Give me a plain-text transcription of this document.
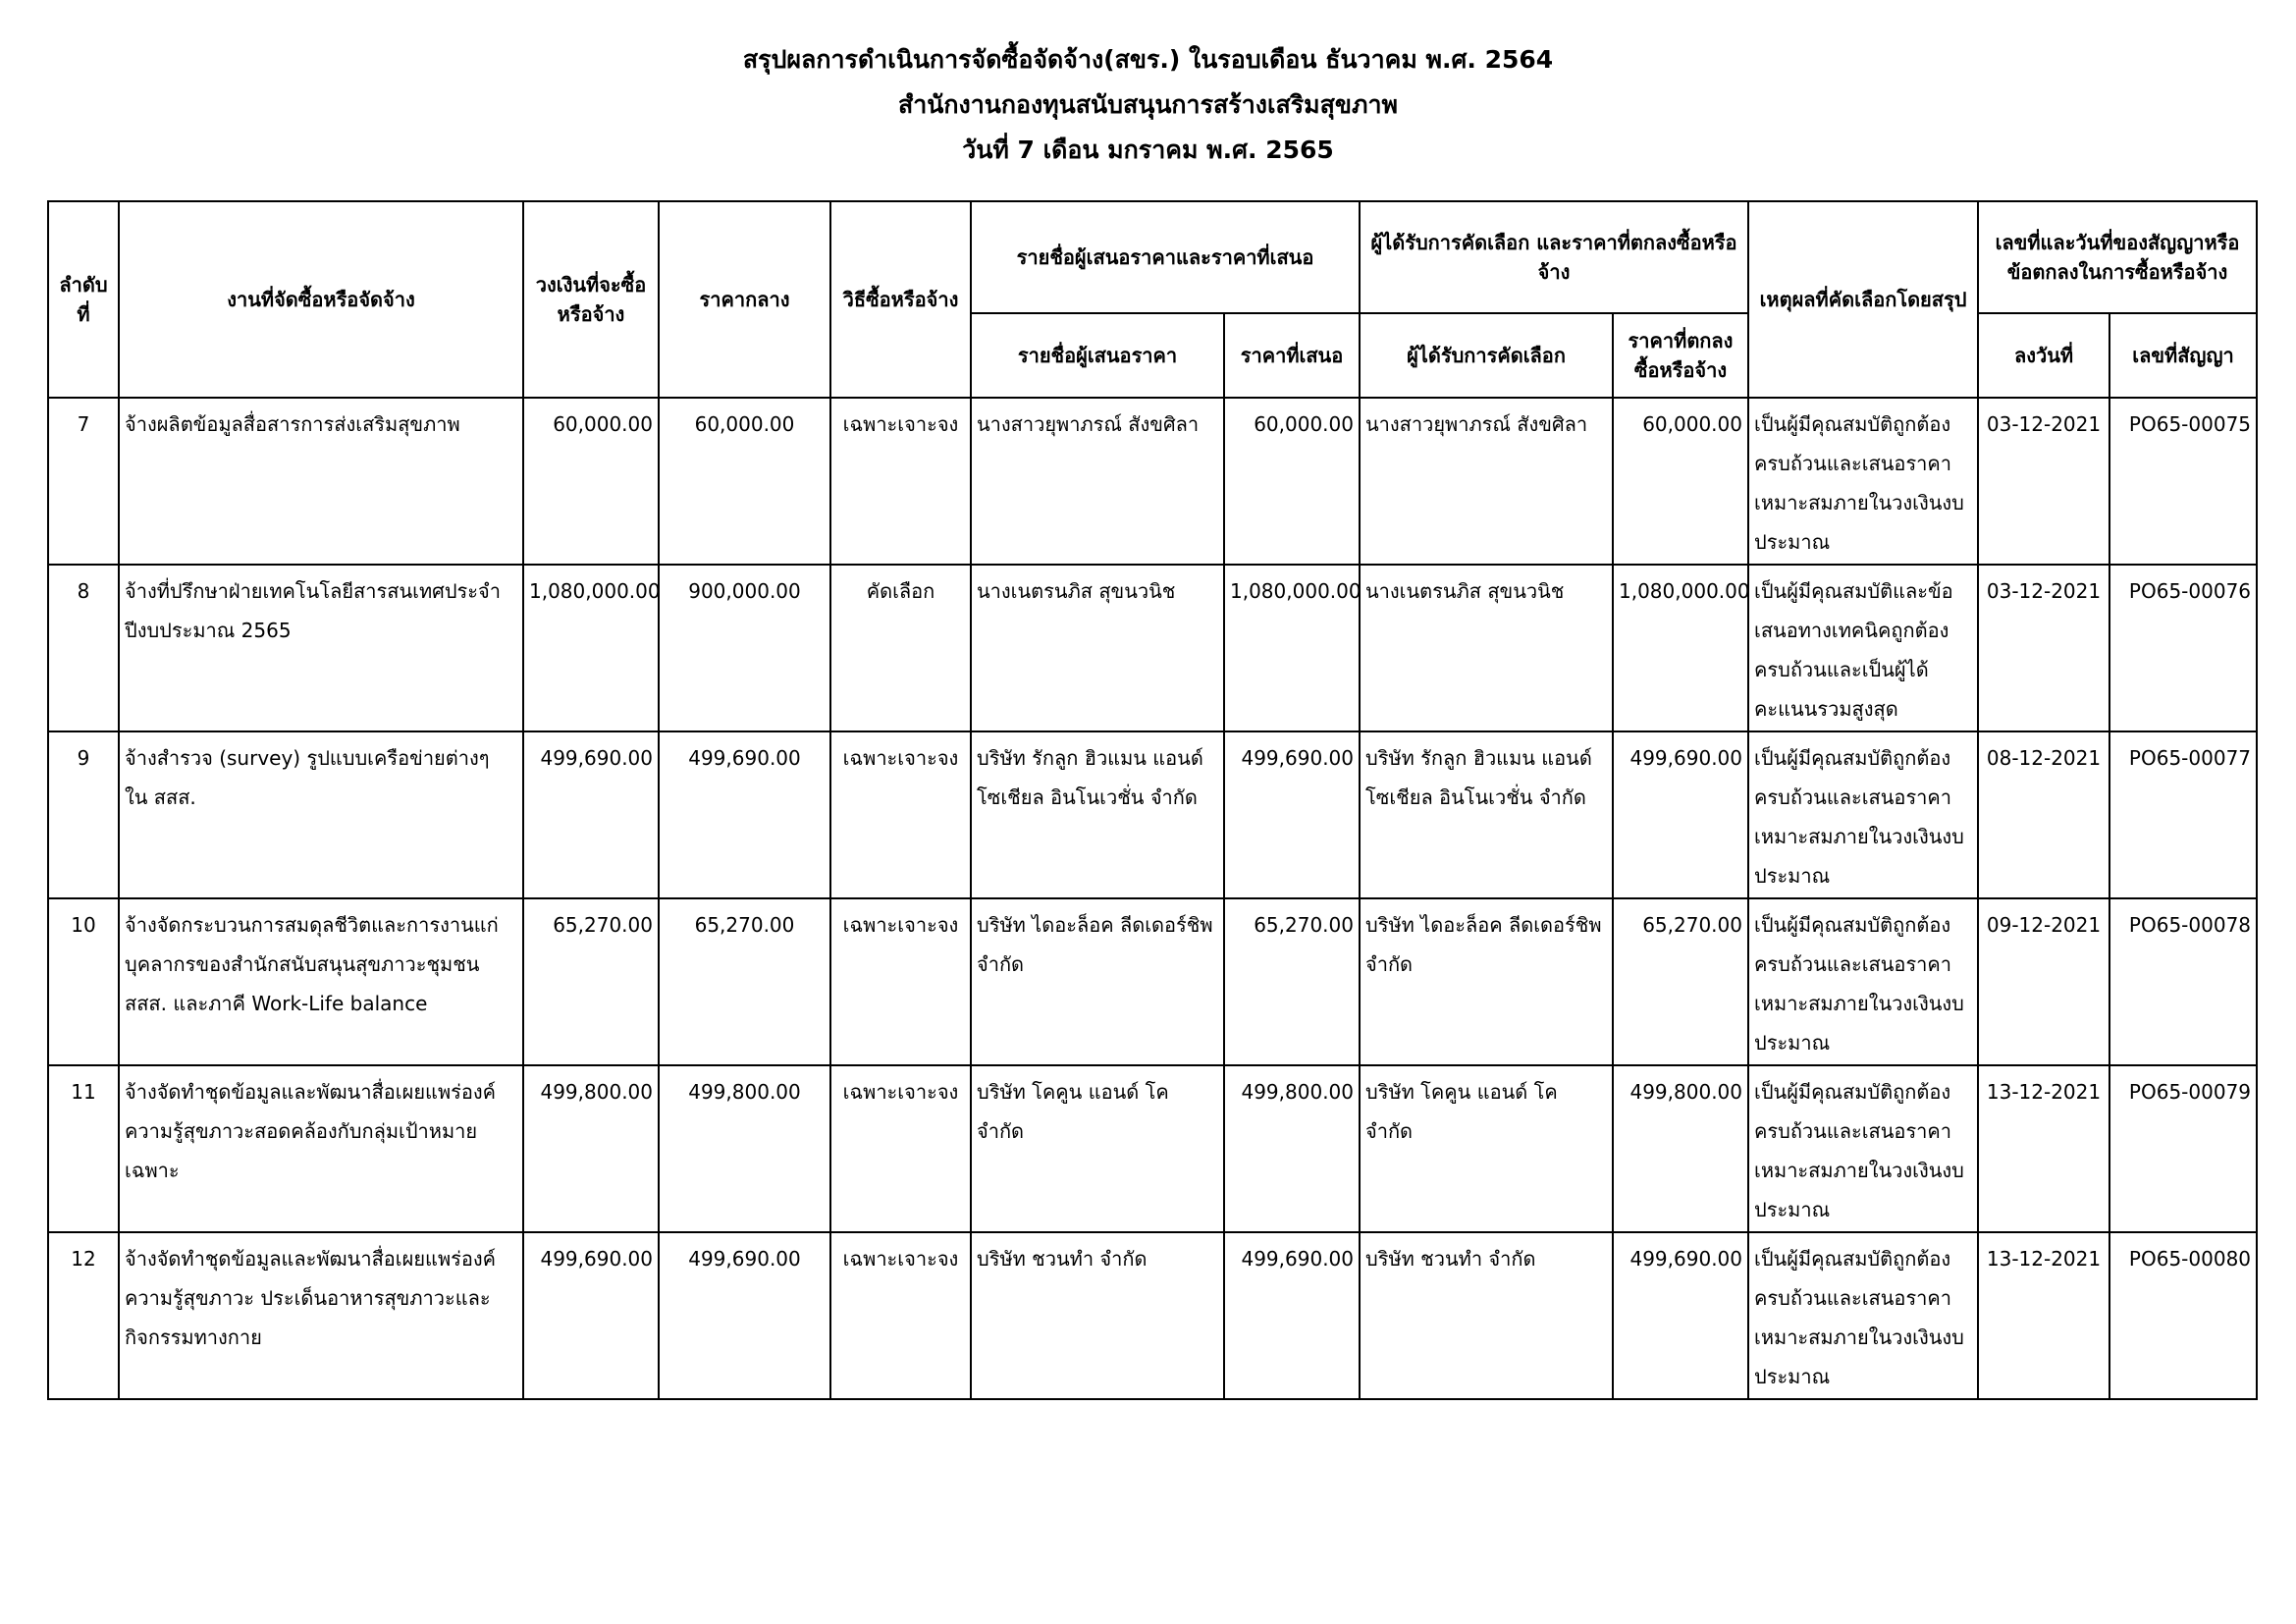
สรุปผลการดำเนินการจัดซื้อจัดจ้าง(สขร.) ในรอบเดือน ธันวาคม พ.ศ. 2564
สำนักงานกองทุนสนับสนุนการสร้างเสริมสุขภาพ
วันที่ 7 เดือน มกราคม พ.ศ. 2565
ลำดับที่	งานที่จัดซื้อหรือจัดจ้าง	วงเงินที่จะซื้อหรือจ้าง	ราคากลาง	วิธีซื้อหรือจ้าง	รายชื่อผู้เสนอราคาและราคาที่เสนอ		ผู้ได้รับการคัดเลือก และราคาที่ตกลงซื้อหรือจ้าง		เหตุผลที่คัดเลือกโดยสรุป	เลขที่และวันที่ของสัญญาหรือข้อตกลงในการซื้อหรือจ้าง	
					รายชื่อผู้เสนอราคา	ราคาที่เสนอ	ผู้ได้รับการคัดเลือก	ราคาที่ตกลงซื้อหรือจ้าง		ลงวันที่	เลขที่สัญญา
7	จ้างผลิตข้อมูลสื่อสารการส่งเสริมสุขภาพ	60,000.00	60,000.00	เฉพาะเจาะจง	นางสาวยุพาภรณ์ สังขศิลา	60,000.00	นางสาวยุพาภรณ์ สังขศิลา	60,000.00	เป็นผู้มีคุณสมบัติถูกต้องครบถ้วนและเสนอราคาเหมาะสมภายในวงเงินงบประมาณ	03-12-2021	PO65-00075
8	จ้างที่ปรึกษาฝ่ายเทคโนโลยีสารสนเทศประจำปีงบประมาณ 2565	1,080,000.00	900,000.00	คัดเลือก	นางเนตรนภิส สุขนวนิช	1,080,000.00	นางเนตรนภิส สุขนวนิช	1,080,000.00	เป็นผู้มีคุณสมบัติและข้อเสนอทางเทคนิคถูกต้องครบถ้วนและเป็นผู้ได้คะแนนรวมสูงสุด	03-12-2021	PO65-00076
9	จ้างสำรวจ (survey) รูปแบบเครือข่ายต่างๆ ใน สสส.	499,690.00	499,690.00	เฉพาะเจาะจง	บริษัท รักลูก ฮิวแมน แอนด์ โซเชียล อินโนเวชั่น จำกัด	499,690.00	บริษัท รักลูก ฮิวแมน แอนด์ โซเชียล อินโนเวชั่น จำกัด	499,690.00	เป็นผู้มีคุณสมบัติถูกต้องครบถ้วนและเสนอราคาเหมาะสมภายในวงเงินงบประมาณ	08-12-2021	PO65-00077
10	จ้างจัดกระบวนการสมดุลชีวิตและการงานแก่บุคลากรของสำนักสนับสนุนสุขภาวะชุมชน สสส. และภาคี Work-Life balance	65,270.00	65,270.00	เฉพาะเจาะจง	บริษัท ไดอะล็อค ลีดเดอร์ชิพ จำกัด	65,270.00	บริษัท ไดอะล็อค ลีดเดอร์ชิพ จำกัด	65,270.00	เป็นผู้มีคุณสมบัติถูกต้องครบถ้วนและเสนอราคาเหมาะสมภายในวงเงินงบประมาณ	09-12-2021	PO65-00078
11	จ้างจัดทำชุดข้อมูลและพัฒนาสื่อเผยแพร่องค์ความรู้สุขภาวะสอดคล้องกับกลุ่มเป้าหมายเฉพาะ	499,800.00	499,800.00	เฉพาะเจาะจง	บริษัท โคคูน แอนด์ โค จำกัด	499,800.00	บริษัท โคคูน แอนด์ โค จำกัด	499,800.00	เป็นผู้มีคุณสมบัติถูกต้องครบถ้วนและเสนอราคาเหมาะสมภายในวงเงินงบประมาณ	13-12-2021	PO65-00079
12	จ้างจัดทำชุดข้อมูลและพัฒนาสื่อเผยแพร่องค์ความรู้สุขภาวะ ประเด็นอาหารสุขภาวะและกิจกรรมทางกาย	499,690.00	499,690.00	เฉพาะเจาะจง	บริษัท ชวนทำ จำกัด	499,690.00	บริษัท ชวนทำ จำกัด	499,690.00	เป็นผู้มีคุณสมบัติถูกต้องครบถ้วนและเสนอราคาเหมาะสมภายในวงเงินงบประมาณ	13-12-2021	PO65-00080
